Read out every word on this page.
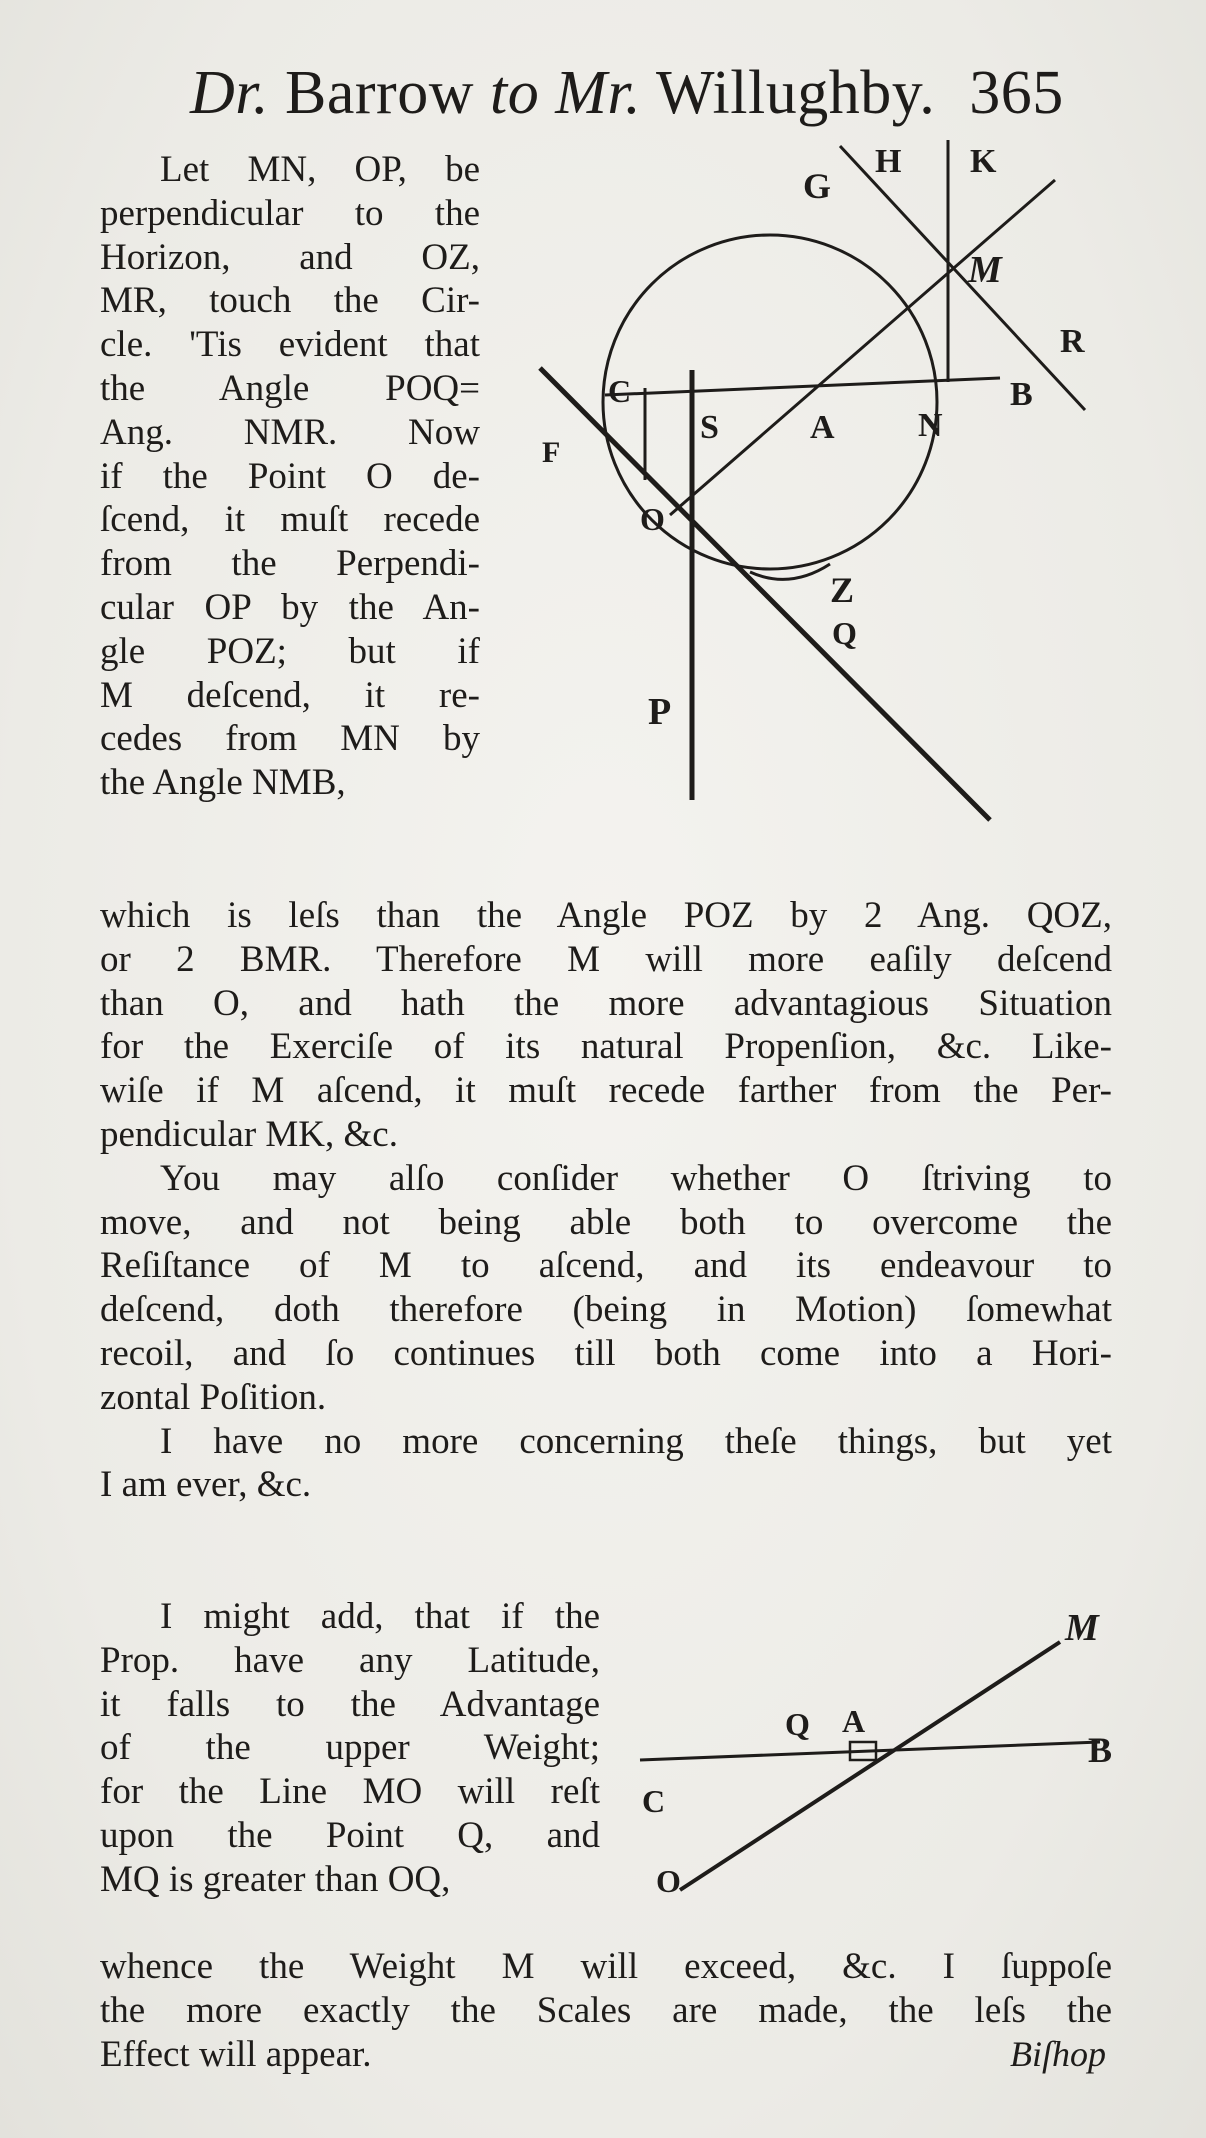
Dr. Barrow to Mr. Willughby. 365
Let MN, OP, be
perpendicular to the
Horizon, and OZ,
MR, touch the Cir-
cle. 'Tis evident that
the Angle POQ=
Ang. NMR. Now
if the Point O de-
ſcend, it muſt recede
from the Perpendi-
cular OP by the An-
gle POZ; but if
M deſcend, it re-
cedes from MN by
the Angle NMB,
G
H K
M
R
B
N
A
S
C
F
O
Z
Q
P
which is leſs than the Angle POZ by 2 Ang. QOZ,
or 2 BMR. Therefore M will more eaſily deſcend
than O, and hath the more advantagious Situation
for the Exerciſe of its natural Propenſion, &c. Like-
wiſe if M aſcend, it muſt recede farther from the Per-
pendicular MK, &c.
You may alſo conſider whether O ſtriving to
move, and not being able both to overcome the
Reſiſtance of M to aſcend, and its endeavour to
deſcend, doth therefore (being in Motion) ſomewhat
recoil, and ſo continues till both come into a Hori-
zontal Poſition.
I have no more concerning theſe things, but yet
I am ever, &c.
I might add, that if the
Prop. have any Latitude,
it falls to the Advantage
of the upper Weight;
for the Line MO will reſt
upon the Point Q, and
MQ is greater than OQ,
M
Q A
B
C
O
whence the Weight M will exceed, &c. I ſuppoſe
the more exactly the Scales are made, the leſs the
Effect will appear.	Biſhop
